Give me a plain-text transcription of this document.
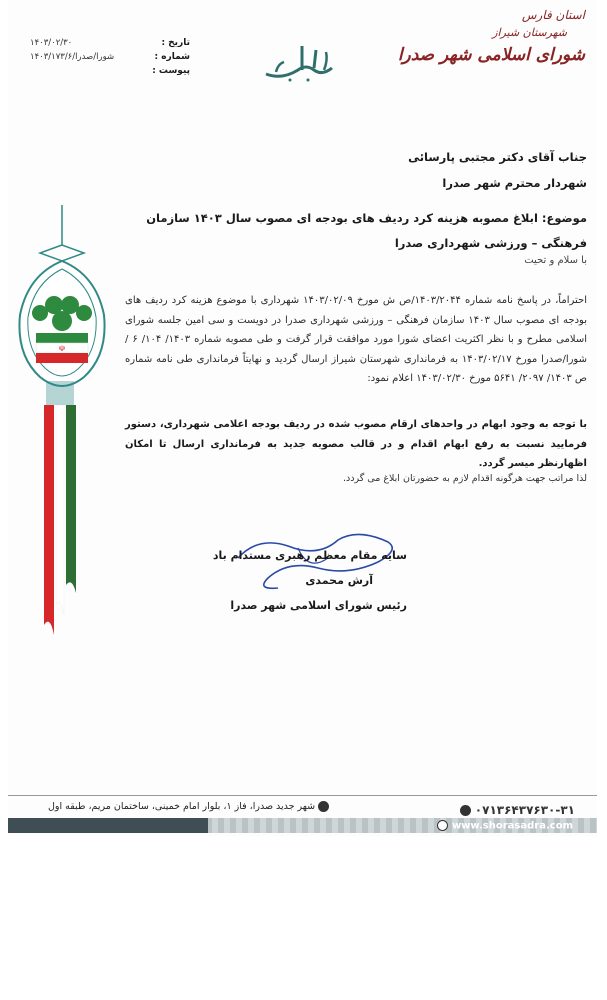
استان فارس
شهرستان شیراز
شورای اسلامی شهر صدرا
تاریخ :
۱۴۰۳/۰۲/۳۰
شماره :
۱۴۰۳/۱۷۳/۶/شورا/صدرا
پیوست :
☫
جناب آقای دکتر مجتبی پارسائی
شهردار محترم شهر صدرا
موضوع: ابلاغ مصوبه هزینه کرد ردیف های بودجه ای مصوب سال ۱۴۰۳ سازمان فرهنگی – ورزشی شهرداری صدرا
با سلام و تحیت
احتراماً، در پاسخ نامه شماره ۱۴۰۳/۲۰۴۴/ص ش مورخ ۱۴۰۳/۰۲/۰۹ شهرداری با موضوع هزینه کرد ردیف های بودجه ای مصوب سال ۱۴۰۳ سازمان فرهنگی – ورزشی شهرداری صدرا در دویست و سی امین جلسه شورای اسلامی مطرح و با نظر اکثریت اعضای شورا مورد موافقت قرار گرفت و طی مصوبه شماره ۱۴۰۳/ ۱۰۴/ ۶ / شورا/صدرا مورخ ۱۴۰۳/۰۲/۱۷ به فرمانداری شهرستان شیراز ارسال گردید و نهایتاً فرمانداری طی نامه شماره ص ۱۴۰۳/ ۲۰۹۷/ ۵۶۴۱ مورخ ۱۴۰۳/۰۲/۳۰ اعلام نمود:
با توجه به وجود ابهام در واحدهای ارقام مصوب شده در ردیف بودجه اعلامی شهرداری، دستور فرمایید نسبت به رفع ابهام اقدام و در قالب مصوبه جدید به فرمانداری ارسال تا امکان اظهارنظر میسر گردد.
لذا مراتب جهت هرگونه اقدام لازم به حضورتان ابلاغ می گردد.
سایه مقام معظم رهبری مستدام باد
آرش محمدی
رئیس شورای اسلامی شهر صدرا
۰۷۱۳۶۴۳۷۶۳۰-۳۱
شهر جدید صدرا، فاز ۱، بلوار امام خمینی، ساختمان مریم، طبقه اول
www.shorasadra.com
